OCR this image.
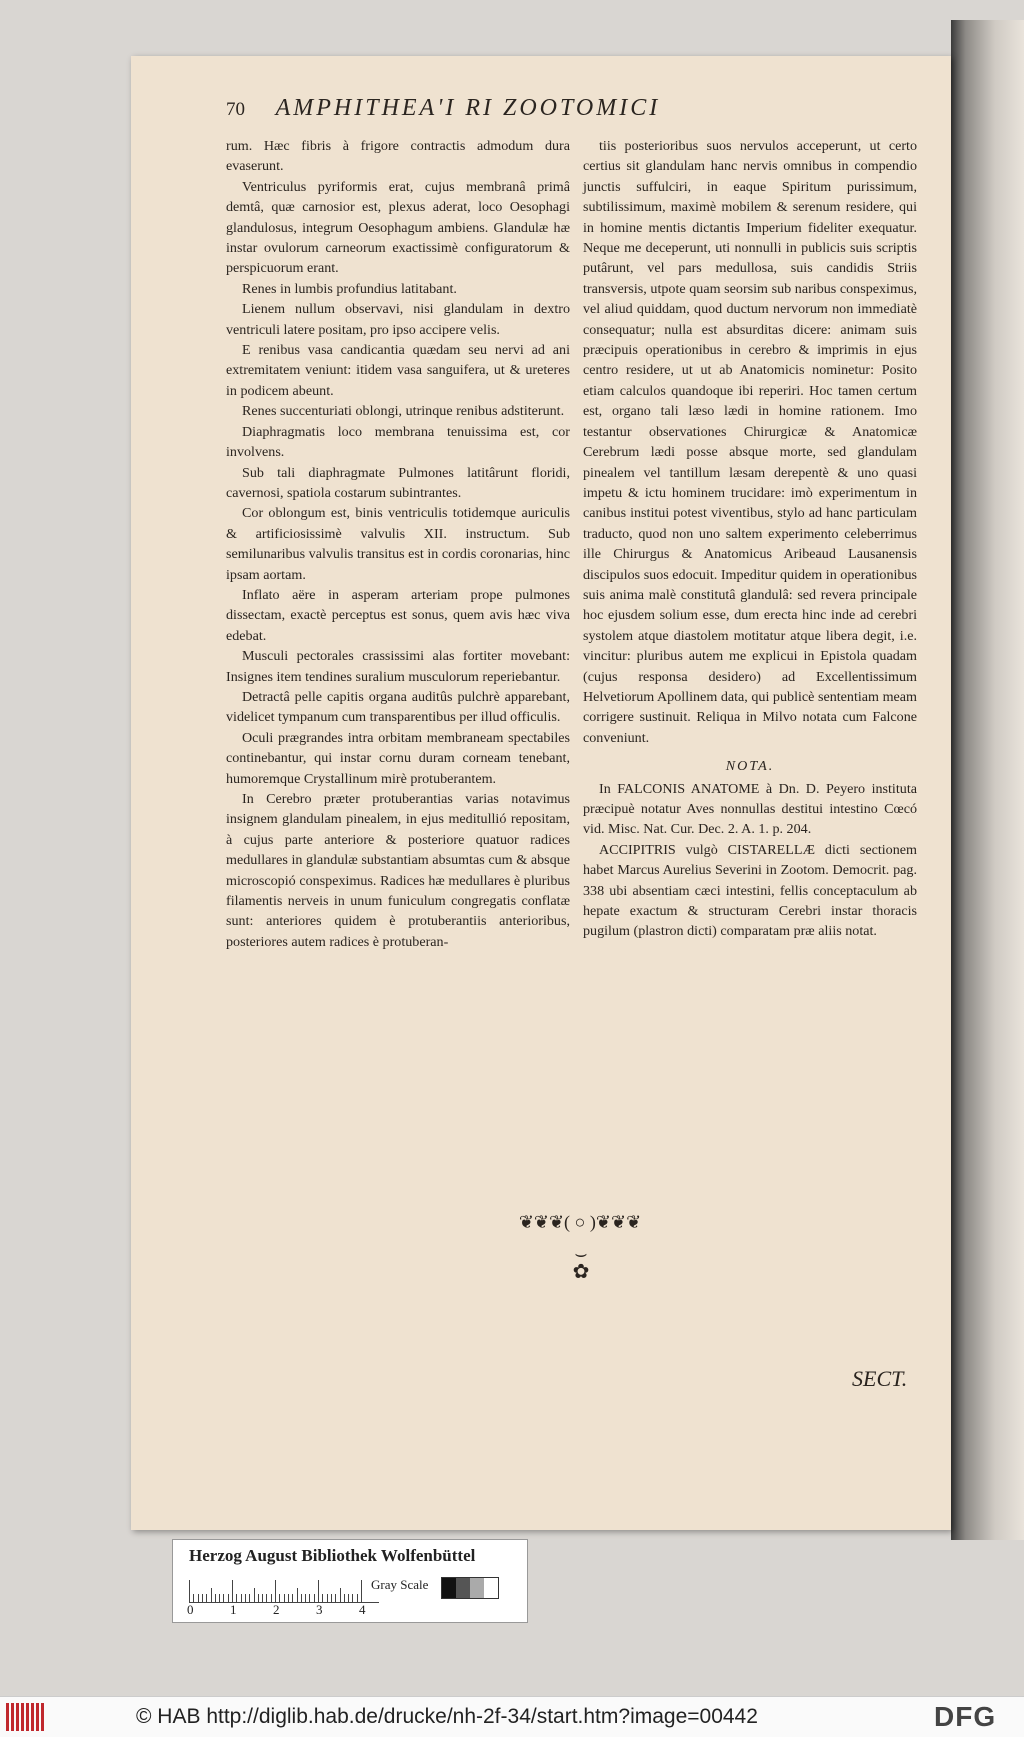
70 AMPHITHEA'I RI ZOOTOMICI

rum. Hæc fibris à frigore contractis admodum dura evaserunt.

Ventriculus pyriformis erat, cujus membranâ primâ demtâ, quæ carnosior est, plexus aderat, loco Oesophagi glandulosus, integrum Oesophagum ambiens. Glandulæ hæ instar ovulorum carneorum exactissimè configuratorum & perspicuorum erant.

Renes in lumbis profundius latitabant.

Lienem nullum observavi, nisi glandulam in dextro ventriculi latere positam, pro ipso accipere velis.

E renibus vasa candicantia quædam seu nervi ad ani extremitatem veniunt: itidem vasa sanguifera, ut & ureteres in podicem abeunt.

Renes succenturiati oblongi, utrinque renibus adstiterunt.

Diaphragmatis loco membrana tenuissima est, cor involvens.

Sub tali diaphragmate Pulmones latitârunt floridi, cavernosi, spatiola costarum subintrantes.

Cor oblongum est, binis ventriculis totidemque auriculis & artificiosissimè valvulis XII. instructum. Sub semilunaribus valvulis transitus est in cordis coronarias, hinc ipsam aortam.

Inflato aëre in asperam arteriam prope pulmones dissectam, exactè perceptus est sonus, quem avis hæc viva edebat.

Musculi pectorales crassissimi alas fortiter movebant: Insignes item tendines suralium musculorum reperiebantur.

Detractâ pelle capitis organa auditûs pulchrè apparebant, videlicet tympanum cum transparentibus per illud officulis.

Oculi prægrandes intra orbitam membraneam spectabiles continebantur, qui instar cornu duram corneam tenebant, humoremque Crystallinum mirè protuberantem.

In Cerebro præter protuberantias varias notavimus insignem glandulam pinealem, in ejus meditullió repositam, à cujus parte anteriore & posteriore quatuor radices medullares in glandulæ substantiam absumtas cum & absque microscopió conspeximus. Radices hæ medullares è pluribus filamentis nerveis in unum funiculum congregatis conflatæ sunt: anteriores quidem è protuberantiis anterioribus, posteriores autem radices è protuberan-

tiis posterioribus suos nervulos acceperunt, ut certo certius sit glandulam hanc nervis omnibus in compendio junctis suffulciri, in eaque Spiritum purissimum, subtilissimum, maximè mobilem & serenum residere, qui in homine mentis dictantis Imperium fideliter exequatur. Neque me deceperunt, uti nonnulli in publicis suis scriptis putârunt, vel pars medullosa, suis candidis Striis transversis, utpote quam seorsim sub naribus conspeximus, vel aliud quiddam, quod ductum nervorum non immediatè consequatur; nulla est absurditas dicere: animam suis præcipuis operationibus in cerebro & imprimis in ejus centro residere, ut ut ab Anatomicis nominetur: Posito etiam calculos quandoque ibi reperiri. Hoc tamen certum est, organo tali læso lædi in homine rationem. Imo testantur observationes Chirurgicæ & Anatomicæ Cerebrum lædi posse absque morte, sed glandulam pinealem vel tantillum læsam derepentè & uno quasi impetu & ictu hominem trucidare: imò experimentum in canibus institui potest viventibus, stylo ad hanc particulam traducto, quod non uno saltem experimento celeberrimus ille Chirurgus & Anatomicus Aribeaud Lausanensis discipulos suos edocuit. Impeditur quidem in operationibus suis anima malè constitutâ glandulâ: sed revera principale hoc ejusdem solium esse, dum erecta hinc inde ad cerebri systolem atque diastolem motitatur atque libera degit, i.e. vincitur: pluribus autem me explicui in Epistola quadam (cujus responsa desidero) ad Excellentissimum Helvetiorum Apollinem data, qui publicè sententiam meam corrigere sustinuit. Reliqua in Milvo notata cum Falcone conveniunt.

NOTA.

In FALCONIS ANATOME à Dn. D. Peyero instituta præcipuè notatur Aves nonnullas destitui intestino Cœcó vid. Misc. Nat. Cur. Dec. 2. A. 1. p. 204.

ACCIPITRIS vulgò CISTARELLÆ dicti sectionem habet Marcus Aurelius Severini in Zootom. Democrit. pag. 338 ubi absentiam cæci intestini, fellis conceptaculum ab hepate exactum & structuram Cerebri instar thoracis pugilum (plastron dicti) comparatam præ aliis notat.

❦❦❦( ○ )❦❦❦
⌣
✿
SECT.
Herzog August Bibliothek Wolfenbüttel
0	1	2	3	4
Gray Scale
© HAB http://diglib.hab.de/drucke/nh-2f-34/start.htm?image=00442	DFG
